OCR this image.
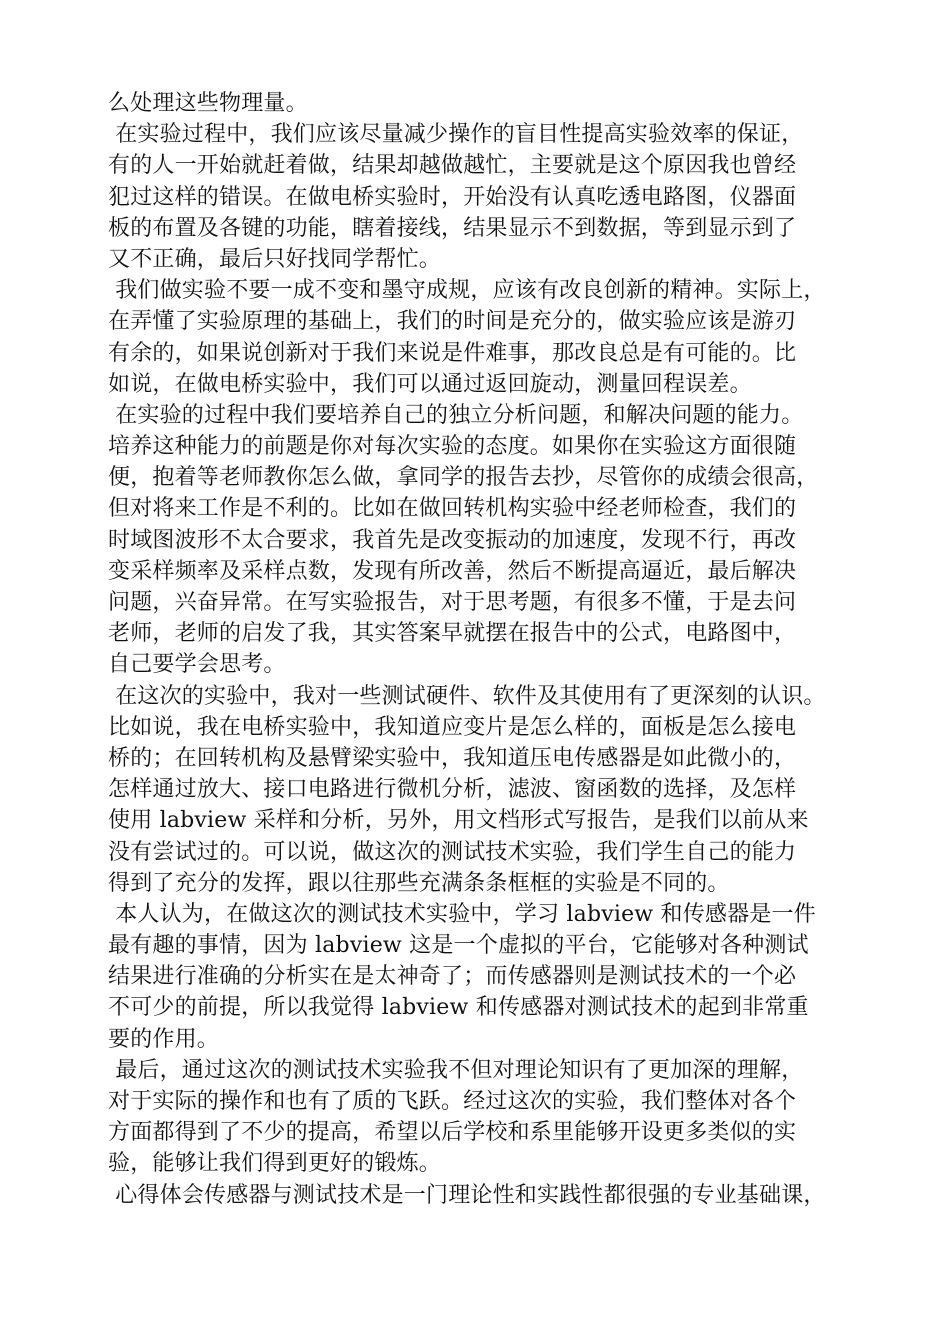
么处理这些物理量。
在实验过程中，我们应该尽量减少操作的盲目性提高实验效率的保证，
有的人一开始就赶着做，结果却越做越忙，主要就是这个原因我也曾经
犯过这样的错误。在做电桥实验时，开始没有认真吃透电路图，仪器面
板的布置及各键的功能，瞎着接线，结果显示不到数据，等到显示到了
又不正确，最后只好找同学帮忙。
我们做实验不要一成不变和墨守成规，应该有改良创新的精神。实际上，
在弄懂了实验原理的基础上，我们的时间是充分的，做实验应该是游刃
有余的，如果说创新对于我们来说是件难事，那改良总是有可能的。比
如说，在做电桥实验中，我们可以通过返回旋动，测量回程误差。
在实验的过程中我们要培养自己的独立分析问题，和解决问题的能力。
培养这种能力的前题是你对每次实验的态度。如果你在实验这方面很随
便，抱着等老师教你怎么做，拿同学的报告去抄，尽管你的成绩会很高，
但对将来工作是不利的。比如在做回转机构实验中经老师检查，我们的
时域图波形不太合要求，我首先是改变振动的加速度，发现不行，再改
变采样频率及采样点数，发现有所改善，然后不断提高逼近，最后解决
问题，兴奋异常。在写实验报告，对于思考题，有很多不懂，于是去问
老师，老师的启发了我，其实答案早就摆在报告中的公式，电路图中，
自己要学会思考。
在这次的实验中，我对一些测试硬件、软件及其使用有了更深刻的认识。
比如说，我在电桥实验中，我知道应变片是怎么样的，面板是怎么接电
桥的；在回转机构及悬臂梁实验中，我知道压电传感器是如此微小的，
怎样通过放大、接口电路进行微机分析，滤波、窗函数的选择，及怎样
使用 labview 采样和分析，另外，用文档形式写报告，是我们以前从来
没有尝试过的。可以说，做这次的测试技术实验，我们学生自己的能力
得到了充分的发挥，跟以往那些充满条条框框的实验是不同的。
本人认为，在做这次的测试技术实验中，学习 labview 和传感器是一件
最有趣的事情，因为 labview 这是一个虚拟的平台，它能够对各种测试
结果进行准确的分析实在是太神奇了；而传感器则是测试技术的一个必
不可少的前提，所以我觉得 labview 和传感器对测试技术的起到非常重
要的作用。
最后，通过这次的测试技术实验我不但对理论知识有了更加深的理解，
对于实际的操作和也有了质的飞跃。经过这次的实验，我们整体对各个
方面都得到了不少的提高，希望以后学校和系里能够开设更多类似的实
验，能够让我们得到更好的锻炼。
心得体会传感器与测试技术是一门理论性和实践性都很强的专业基础课，
